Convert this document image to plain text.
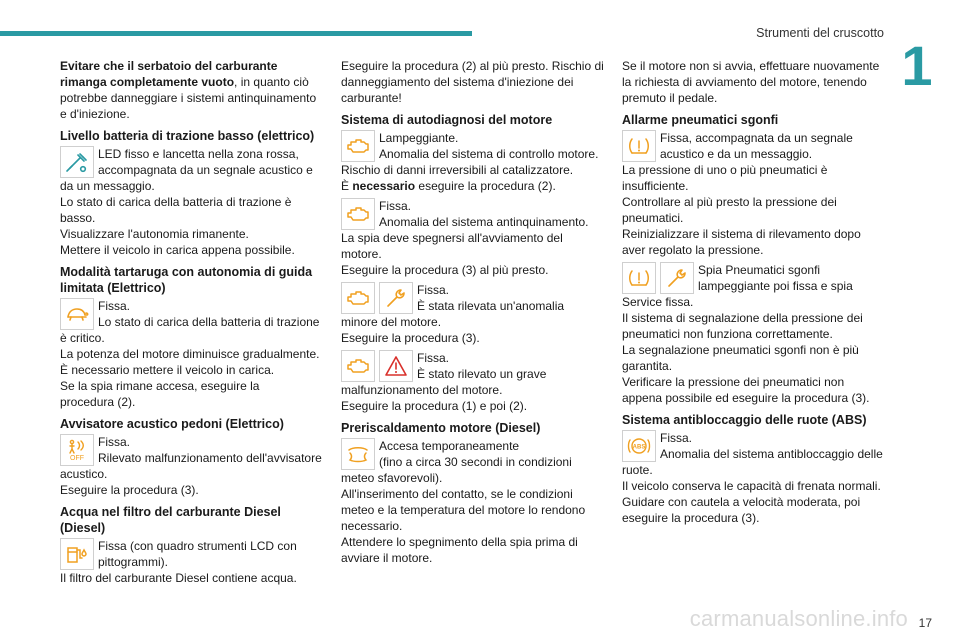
Strumenti del cruscotto
1

Evitare che il serbatoio del carburante rimanga completamente vuoto, in quanto ciò potrebbe danneggiare i sistemi antinquinamento e d'iniezione.

Livello batteria di trazione basso (elettrico)
LED fisso e lancetta nella zona rossa,
accompagnata da un segnale acustico e
da un messaggio.
Lo stato di carica della batteria di trazione è
basso.
Visualizzare l'autonomia rimanente.
Mettere il veicolo in carica appena possibile.
Modalità tartaruga con autonomia di guida limitata (Elettrico)
Fissa.
Lo stato di carica della batteria di trazione
è critico.
La potenza del motore diminuisce gradualmente.
È necessario mettere il veicolo in carica.
Se la spia rimane accesa, eseguire la
procedura (2).
Avvisatore acustico pedoni (Elettrico)
OFF
Fissa.
Rilevato malfunzionamento dell'avvisatore
acustico.
Eseguire la procedura (3).
Acqua nel filtro del carburante Diesel (Diesel)
Fissa (con quadro strumenti LCD con
pittogrammi).
Il filtro del carburante Diesel contiene acqua.

Eseguire la procedura (2) al più presto. Rischio di danneggiamento del sistema d'iniezione dei carburante!

Sistema di autodiagnosi del motore
Lampeggiante.
Anomalia del sistema di controllo motore.
Rischio di danni irreversibili al catalizzatore.
È necessario eseguire la procedura (2).
Fissa.
Anomalia del sistema antinquinamento.
La spia deve spegnersi all'avviamento del
motore.
Eseguire la procedura (3) al più presto.
Fissa.
È stata rilevata un'anomalia
minore del motore.
Eseguire la procedura (3).
Fissa.
È stato rilevato un grave
malfunzionamento del motore.
Eseguire la procedura (1) e poi (2).
Preriscaldamento motore (Diesel)
Accesa temporaneamente
(fino a circa 30 secondi in condizioni
meteo sfavorevoli).
All'inserimento del contatto, se le condizioni
meteo e la temperatura del motore lo rendono
necessario.
Attendere lo spegnimento della spia prima di
avviare il motore.

Se il motore non si avvia, effettuare nuovamente la richiesta di avviamento del motore, tenendo premuto il pedale.

Allarme pneumatici sgonfi
Fissa, accompagnata da un segnale
acustico e da un messaggio.
La pressione di uno o più pneumatici è
insufficiente.
Controllare al più presto la pressione dei
pneumatici.
Reinizializzare il sistema di rilevamento dopo
aver regolato la pressione.
Spia Pneumatici sgonfi
lampeggiante poi fissa e spia
Service fissa.
Il sistema di segnalazione della pressione dei
pneumatici non funziona correttamente.
La segnalazione pneumatici sgonfi non è più
garantita.
Verificare la pressione dei pneumatici non
appena possibile ed eseguire la procedura (3).
Sistema antibloccaggio delle ruote (ABS)
ABS
Fissa.
Anomalia del sistema antibloccaggio delle
ruote.
Il veicolo conserva le capacità di frenata normali.
Guidare con cautela a velocità moderata, poi
eseguire la procedura (3).
carmanualsonline.info 17
